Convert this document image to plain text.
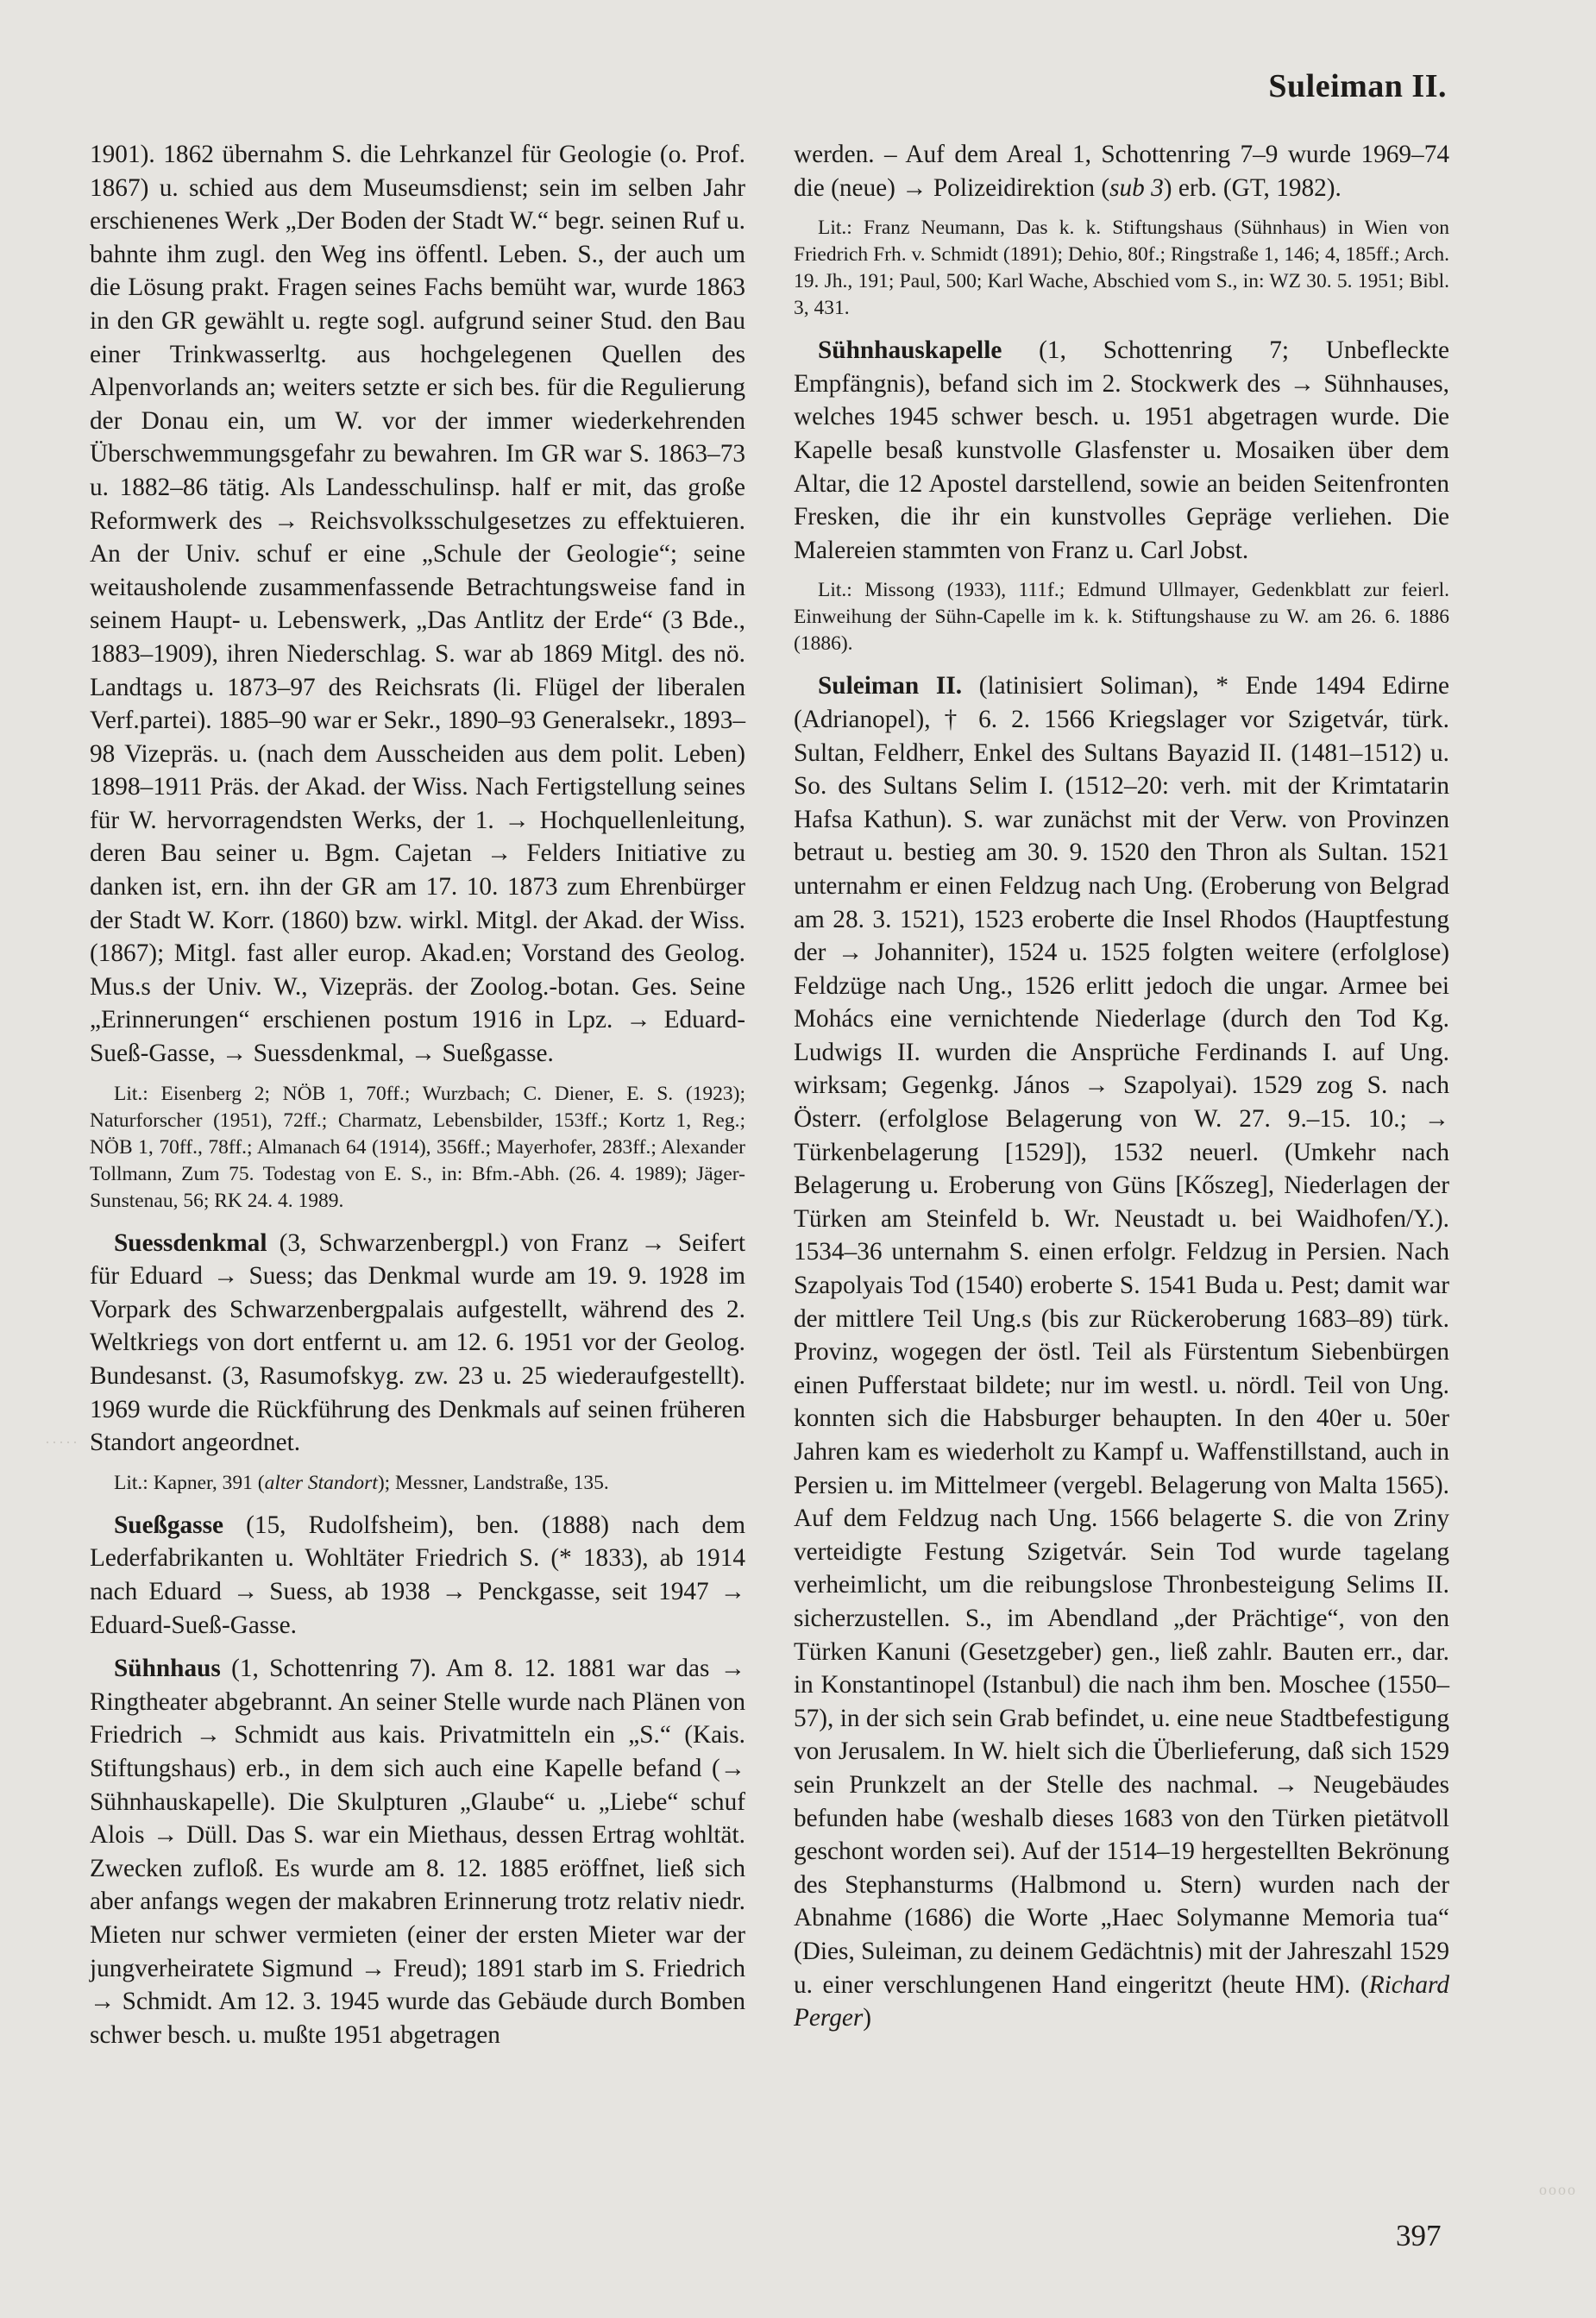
Suleiman II.

1901). 1862 übernahm S. die Lehrkanzel für Geologie (o. Prof. 1867) u. schied aus dem Museumsdienst; sein im selben Jahr erschienenes Werk „Der Boden der Stadt W.“ begr. seinen Ruf u. bahnte ihm zugl. den Weg ins öffentl. Leben. S., der auch um die Lösung prakt. Fragen seines Fachs bemüht war, wurde 1863 in den GR gewählt u. regte sogl. aufgrund seiner Stud. den Bau einer Trinkwasserltg. aus hochgelegenen Quellen des Alpenvorlands an; weiters setzte er sich bes. für die Regulierung der Donau ein, um W. vor der immer wiederkehrenden Überschwemmungsgefahr zu bewahren. Im GR war S. 1863–73 u. 1882–86 tätig. Als Landesschulinsp. half er mit, das große Reformwerk des → Reichsvolksschulgesetzes zu effektuieren. An der Univ. schuf er eine „Schule der Geologie“; seine weitausholende zusammenfassende Betrachtungsweise fand in seinem Haupt- u. Lebenswerk, „Das Antlitz der Erde“ (3 Bde., 1883–1909), ihren Niederschlag. S. war ab 1869 Mitgl. des nö. Landtags u. 1873–97 des Reichsrats (li. Flügel der liberalen Verf.partei). 1885–90 war er Sekr., 1890–93 Generalsekr., 1893–98 Vizepräs. u. (nach dem Ausscheiden aus dem polit. Leben) 1898–1911 Präs. der Akad. der Wiss. Nach Fertigstellung seines für W. hervorragendsten Werks, der 1. → Hochquellenleitung, deren Bau seiner u. Bgm. Cajetan → Felders Initiative zu danken ist, ern. ihn der GR am 17. 10. 1873 zum Ehrenbürger der Stadt W. Korr. (1860) bzw. wirkl. Mitgl. der Akad. der Wiss. (1867); Mitgl. fast aller europ. Akad.en; Vorstand des Geolog. Mus.s der Univ. W., Vizepräs. der Zoolog.-botan. Ges. Seine „Erinnerungen“ erschienen postum 1916 in Lpz. → Eduard-Sueß-Gasse, → Suessdenkmal, → Sueßgasse.

Lit.: Eisenberg 2; NÖB 1, 70ff.; Wurzbach; C. Diener, E. S. (1923); Naturforscher (1951), 72ff.; Charmatz, Lebensbilder, 153ff.; Kortz 1, Reg.; NÖB 1, 70ff., 78ff.; Almanach 64 (1914), 356ff.; Mayerhofer, 283ff.; Alexander Tollmann, Zum 75. Todestag von E. S., in: Bfm.-Abh. (26. 4. 1989); Jäger-Sunstenau, 56; RK 24. 4. 1989.

Suessdenkmal (3, Schwarzenbergpl.) von Franz → Seifert für Eduard → Suess; das Denkmal wurde am 19. 9. 1928 im Vorpark des Schwarzenbergpalais aufgestellt, während des 2. Weltkriegs von dort entfernt u. am 12. 6. 1951 vor der Geolog. Bundesanst. (3, Rasumofskyg. zw. 23 u. 25 wiederaufgestellt). 1969 wurde die Rückführung des Denkmals auf seinen früheren Standort angeordnet.

Lit.: Kapner, 391 (alter Standort); Messner, Landstraße, 135.

Sueßgasse (15, Rudolfsheim), ben. (1888) nach dem Lederfabrikanten u. Wohltäter Friedrich S. (* 1833), ab 1914 nach Eduard → Suess, ab 1938 → Penckgasse, seit 1947 → Eduard-Sueß-Gasse.

Sühnhaus (1, Schottenring 7). Am 8. 12. 1881 war das → Ringtheater abgebrannt. An seiner Stelle wurde nach Plänen von Friedrich → Schmidt aus kais. Privatmitteln ein „S.“ (Kais. Stiftungshaus) erb., in dem sich auch eine Kapelle befand (→ Sühnhauskapelle). Die Skulpturen „Glaube“ u. „Liebe“ schuf Alois → Düll. Das S. war ein Miethaus, dessen Ertrag wohltät. Zwecken zufloß. Es wurde am 8. 12. 1885 eröffnet, ließ sich aber anfangs wegen der makabren Erinnerung trotz relativ niedr. Mieten nur schwer vermieten (einer der ersten Mieter war der jungverheiratete Sigmund → Freud); 1891 starb im S. Friedrich → Schmidt. Am 12. 3. 1945 wurde das Gebäude durch Bomben schwer besch. u. mußte 1951 abgetragen

werden. – Auf dem Areal 1, Schottenring 7–9 wurde 1969–74 die (neue) → Polizeidirektion (sub 3) erb. (GT, 1982).

Lit.: Franz Neumann, Das k. k. Stiftungshaus (Sühnhaus) in Wien von Friedrich Frh. v. Schmidt (1891); Dehio, 80f.; Ringstraße 1, 146; 4, 185ff.; Arch. 19. Jh., 191; Paul, 500; Karl Wache, Abschied vom S., in: WZ 30. 5. 1951; Bibl. 3, 431.

Sühnhauskapelle (1, Schottenring 7; Unbefleckte Empfängnis), befand sich im 2. Stockwerk des → Sühnhauses, welches 1945 schwer besch. u. 1951 abgetragen wurde. Die Kapelle besaß kunstvolle Glasfenster u. Mosaiken über dem Altar, die 12 Apostel darstellend, sowie an beiden Seitenfronten Fresken, die ihr ein kunstvolles Gepräge verliehen. Die Malereien stammten von Franz u. Carl Jobst.

Lit.: Missong (1933), 111f.; Edmund Ullmayer, Gedenkblatt zur feierl. Einweihung der Sühn-Capelle im k. k. Stiftungshause zu W. am 26. 6. 1886 (1886).

Suleiman II. (latinisiert Soliman), * Ende 1494 Edirne (Adrianopel), † 6. 2. 1566 Kriegslager vor Szigetvár, türk. Sultan, Feldherr, Enkel des Sultans Bayazid II. (1481–1512) u. So. des Sultans Selim I. (1512–20: verh. mit der Krimtatarin Hafsa Kathun). S. war zunächst mit der Verw. von Provinzen betraut u. bestieg am 30. 9. 1520 den Thron als Sultan. 1521 unternahm er einen Feldzug nach Ung. (Eroberung von Belgrad am 28. 3. 1521), 1523 eroberte die Insel Rhodos (Hauptfestung der → Johanniter), 1524 u. 1525 folgten weitere (erfolglose) Feldzüge nach Ung., 1526 erlitt jedoch die ungar. Armee bei Mohács eine vernichtende Niederlage (durch den Tod Kg. Ludwigs II. wurden die Ansprüche Ferdinands I. auf Ung. wirksam; Gegenkg. János → Szapolyai). 1529 zog S. nach Österr. (erfolglose Belagerung von W. 27. 9.–15. 10.; → Türkenbelagerung [1529]), 1532 neuerl. (Umkehr nach Belagerung u. Eroberung von Güns [Kőszeg], Niederlagen der Türken am Steinfeld b. Wr. Neustadt u. bei Waidhofen/Y.). 1534–36 unternahm S. einen erfolgr. Feldzug in Persien. Nach Szapolyais Tod (1540) eroberte S. 1541 Buda u. Pest; damit war der mittlere Teil Ung.s (bis zur Rückeroberung 1683–89) türk. Provinz, wogegen der östl. Teil als Fürstentum Siebenbürgen einen Pufferstaat bildete; nur im westl. u. nördl. Teil von Ung. konnten sich die Habsburger behaupten. In den 40er u. 50er Jahren kam es wiederholt zu Kampf u. Waffenstillstand, auch in Persien u. im Mittelmeer (vergebl. Belagerung von Malta 1565). Auf dem Feldzug nach Ung. 1566 belagerte S. die von Zriny verteidigte Festung Szigetvár. Sein Tod wurde tagelang verheimlicht, um die reibungslose Thronbesteigung Selims II. sicherzustellen. S., im Abendland „der Prächtige“, von den Türken Kanuni (Gesetzgeber) gen., ließ zahlr. Bauten err., dar. in Konstantinopel (Istanbul) die nach ihm ben. Moschee (1550–57), in der sich sein Grab befindet, u. eine neue Stadtbefestigung von Jerusalem. In W. hielt sich die Überlieferung, daß sich 1529 sein Prunkzelt an der Stelle des nachmal. → Neugebäudes befunden habe (weshalb dieses 1683 von den Türken pietätvoll geschont worden sei). Auf der 1514–19 hergestellten Bekrönung des Stephansturms (Halbmond u. Stern) wurden nach der Abnahme (1686) die Worte „Haec Solymanne Memoria tua“ (Dies, Suleiman, zu deinem Gedächtnis) mit der Jahreszahl 1529 u. einer verschlungenen Hand eingeritzt (heute HM). (Richard Perger)

·····
oooo
397
